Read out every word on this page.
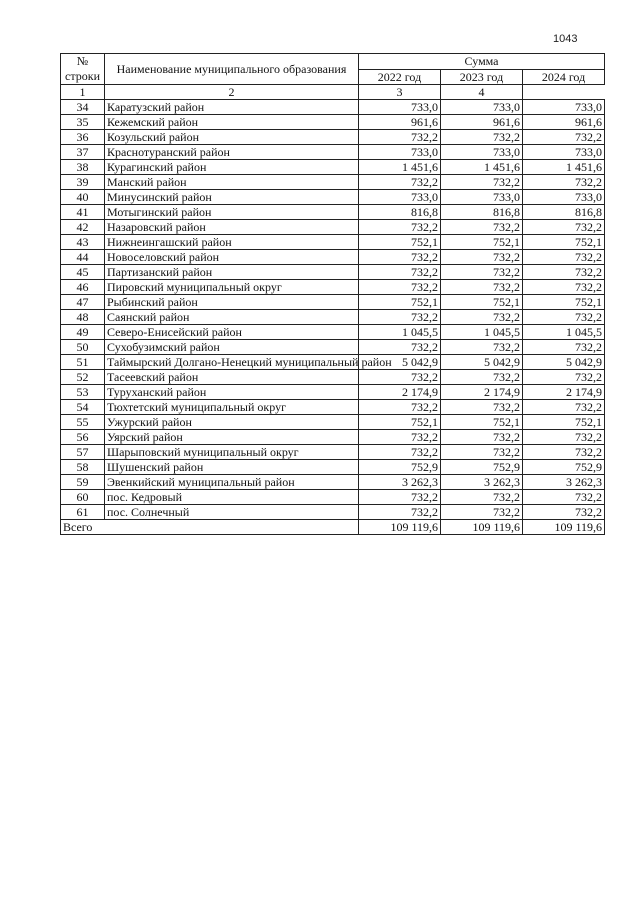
1043
№
строки	Наименование муниципального образования	Сумма		
		2022 год	2023 год	2024 год
1	2	3	4
34	Каратузский район	733,0	733,0	733,0
35	Кежемский район	961,6	961,6	961,6
36	Козульский район	732,2	732,2	732,2
37	Краснотуранский район	733,0	733,0	733,0
38	Курагинский район	1 451,6	1 451,6	1 451,6
39	Манский район	732,2	732,2	732,2
40	Минусинский район	733,0	733,0	733,0
41	Мотыгинский район	816,8	816,8	816,8
42	Назаровский район	732,2	732,2	732,2
43	Нижнеингашский район	752,1	752,1	752,1
44	Новоселовский район	732,2	732,2	732,2
45	Партизанский район	732,2	732,2	732,2
46	Пировский муниципальный округ	732,2	732,2	732,2
47	Рыбинский район	752,1	752,1	752,1
48	Саянский район	732,2	732,2	732,2
49	Северо-Енисейский район	1 045,5	1 045,5	1 045,5
50	Сухобузимский район	732,2	732,2	732,2
51	Таймырский Долгано-Ненецкий муниципальный район	5 042,9	5 042,9	5 042,9
52	Тасеевский район	732,2	732,2	732,2
53	Туруханский район	2 174,9	2 174,9	2 174,9
54	Тюхтетский муниципальный округ	732,2	732,2	732,2
55	Ужурский район	752,1	752,1	752,1
56	Уярский район	732,2	732,2	732,2
57	Шарыповский муниципальный округ	732,2	732,2	732,2
58	Шушенский район	752,9	752,9	752,9
59	Эвенкийский муниципальный район	3 262,3	3 262,3	3 262,3
60	пос. Кедровый	732,2	732,2	732,2
61	пос. Солнечный	732,2	732,2	732,2
Всего		109 119,6	109 119,6	109 119,6
